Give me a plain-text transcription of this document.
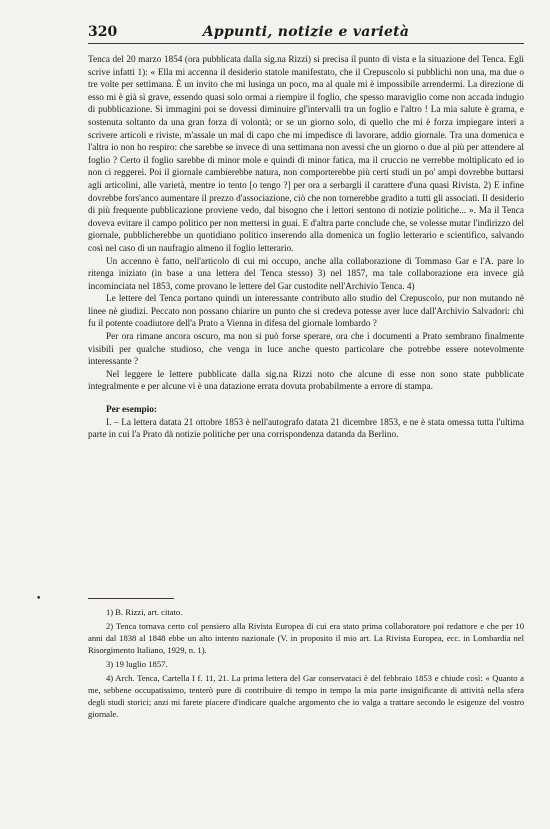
320	Appunti, notizie e varietà

Tenca del 20 marzo 1854 (ora pubblicata dalla sig.na Rizzi) si precisa il punto di vista e la situazione del Tenca. Egli scrive infatti 1): « Ella mi accenna il desiderio statole manifestato, che il Crepuscolo si pubblichi non una, ma due o tre volte per settimana. È un invito che mi lusinga un poco, ma al quale mi è impossibile arrendermi. La direzione di esso mi è già sì grave, essendo quasi solo ormai a riempire il foglio, che spesso maraviglio come non accada indugio di pubblicazione. Si immagini poi se dovessi diminuire gl'intervalli tra un foglio e l'altro ! La mia salute è grama, e sostenuta soltanto da una gran forza di volontà; or se un giorno solo, di quello che mi è forza impiegare interi a scrivere articoli e riviste, m'assale un mal di capo che mi impedisce di lavorare, addio giornale. Tra una domenica e l'altra io non ho respiro: che sarebbe se invece di una settimana non avessi che un giorno o due al più per attendere al foglio ? Certo il foglio sarebbe di minor mole e quindi di minor fatica, ma il cruccio ne verrebbe moltiplicato ed io non ci reggerei. Poi il giornale cambierebbe natura, non comporterebbe più certi studi un po' ampi dovrebbe buttarsi agli articolini, alle varietà, mentre io tento [o tengo ?] per ora a serbargli il carattere d'una quasi Rivista. 2) E infine dovrebbe fors'anco aumentare il prezzo d'associazione, ciò che non tornerebbe gradito a tutti gli associati. Il desiderio di più frequente pubblicazione proviene vedo, dal bisogno che i lettori sentono di notizie politiche... ». Ma il Tenca doveva evitare il campo politico per non mettersi in guai. E d'altra parte conclude che, se volesse mutar l'indirizzo del giornale, pubblicherebbe un quotidiano politico inserendo alla domenica un foglio letterario e scientifico, salvando così nel caso di un naufragio almeno il foglio letterario.

Un accenno è fatto, nell'articolo di cui mi occupo, anche alla collaborazione di Tommaso Gar e l'A. pare lo ritenga iniziato (in base a una lettera del Tenca stesso) 3) nel 1857, ma tale collaborazione era invece già incominciata nel 1853, come provano le lettere del Gar custodite nell'Archivio Tenca. 4)

Le lettere del Tenca portano quindi un interessante contributo allo studio del Crepuscolo, pur non mutando nè linee nè giudizi. Peccato non possano chiarire un punto che si credeva potesse aver luce dall'Archivio Salvadori: chi fu il potente coadiutore dell'a Prato a Vienna in difesa del giornale lombardo ?

Per ora rimane ancora oscuro, ma non si può forse sperare, ora che i documenti a Prato sembrano finalmente visibili per qualche studioso, che venga in luce anche questo particolare che potrebbe essere notevolmente interessante ?

Nel leggere le lettere pubblicate dalla sig.na Rizzi noto che alcune di esse non sono state pubblicate integralmente e per alcune vi è una datazione errata dovuta probabilmente a errore di stampa.

Per esempio:

I. – La lettera datata 21 ottobre 1853 è nell'autografo datata 21 dicembre 1853, e ne è stata omessa tutta l'ultima parte in cui l'a Prato dà notizie politiche per una corrispondenza datanda da Berlino.

•

1) B. Rizzi, art. citato.

2) Tenca tornava certo col pensiero alla Rivista Europea di cui era stato prima collaboratore poi redattore e che per 10 anni dal 1838 al 1848 ebbe un alto intento nazionale (V. in proposito il mio art. La Rivista Europea, ecc. in Lombardia nel Risorgimento Italiano, 1929, n. 1).

3) 19 luglio 1857.

4) Arch. Tenca, Cartella I f. 11, 21. La prima lettera del Gar conservataci è del febbraio 1853 e chiude così: « Quanto a me, sebbene occupatissimo, tenterò pure di contribuire di tempo in tempo la mia parte insignificante di attività nella sfera degli studi storici; anzi mi farete piacere d'indicare qualche argomento che io valga a trattare secondo le esigenze del vostro giornale.
